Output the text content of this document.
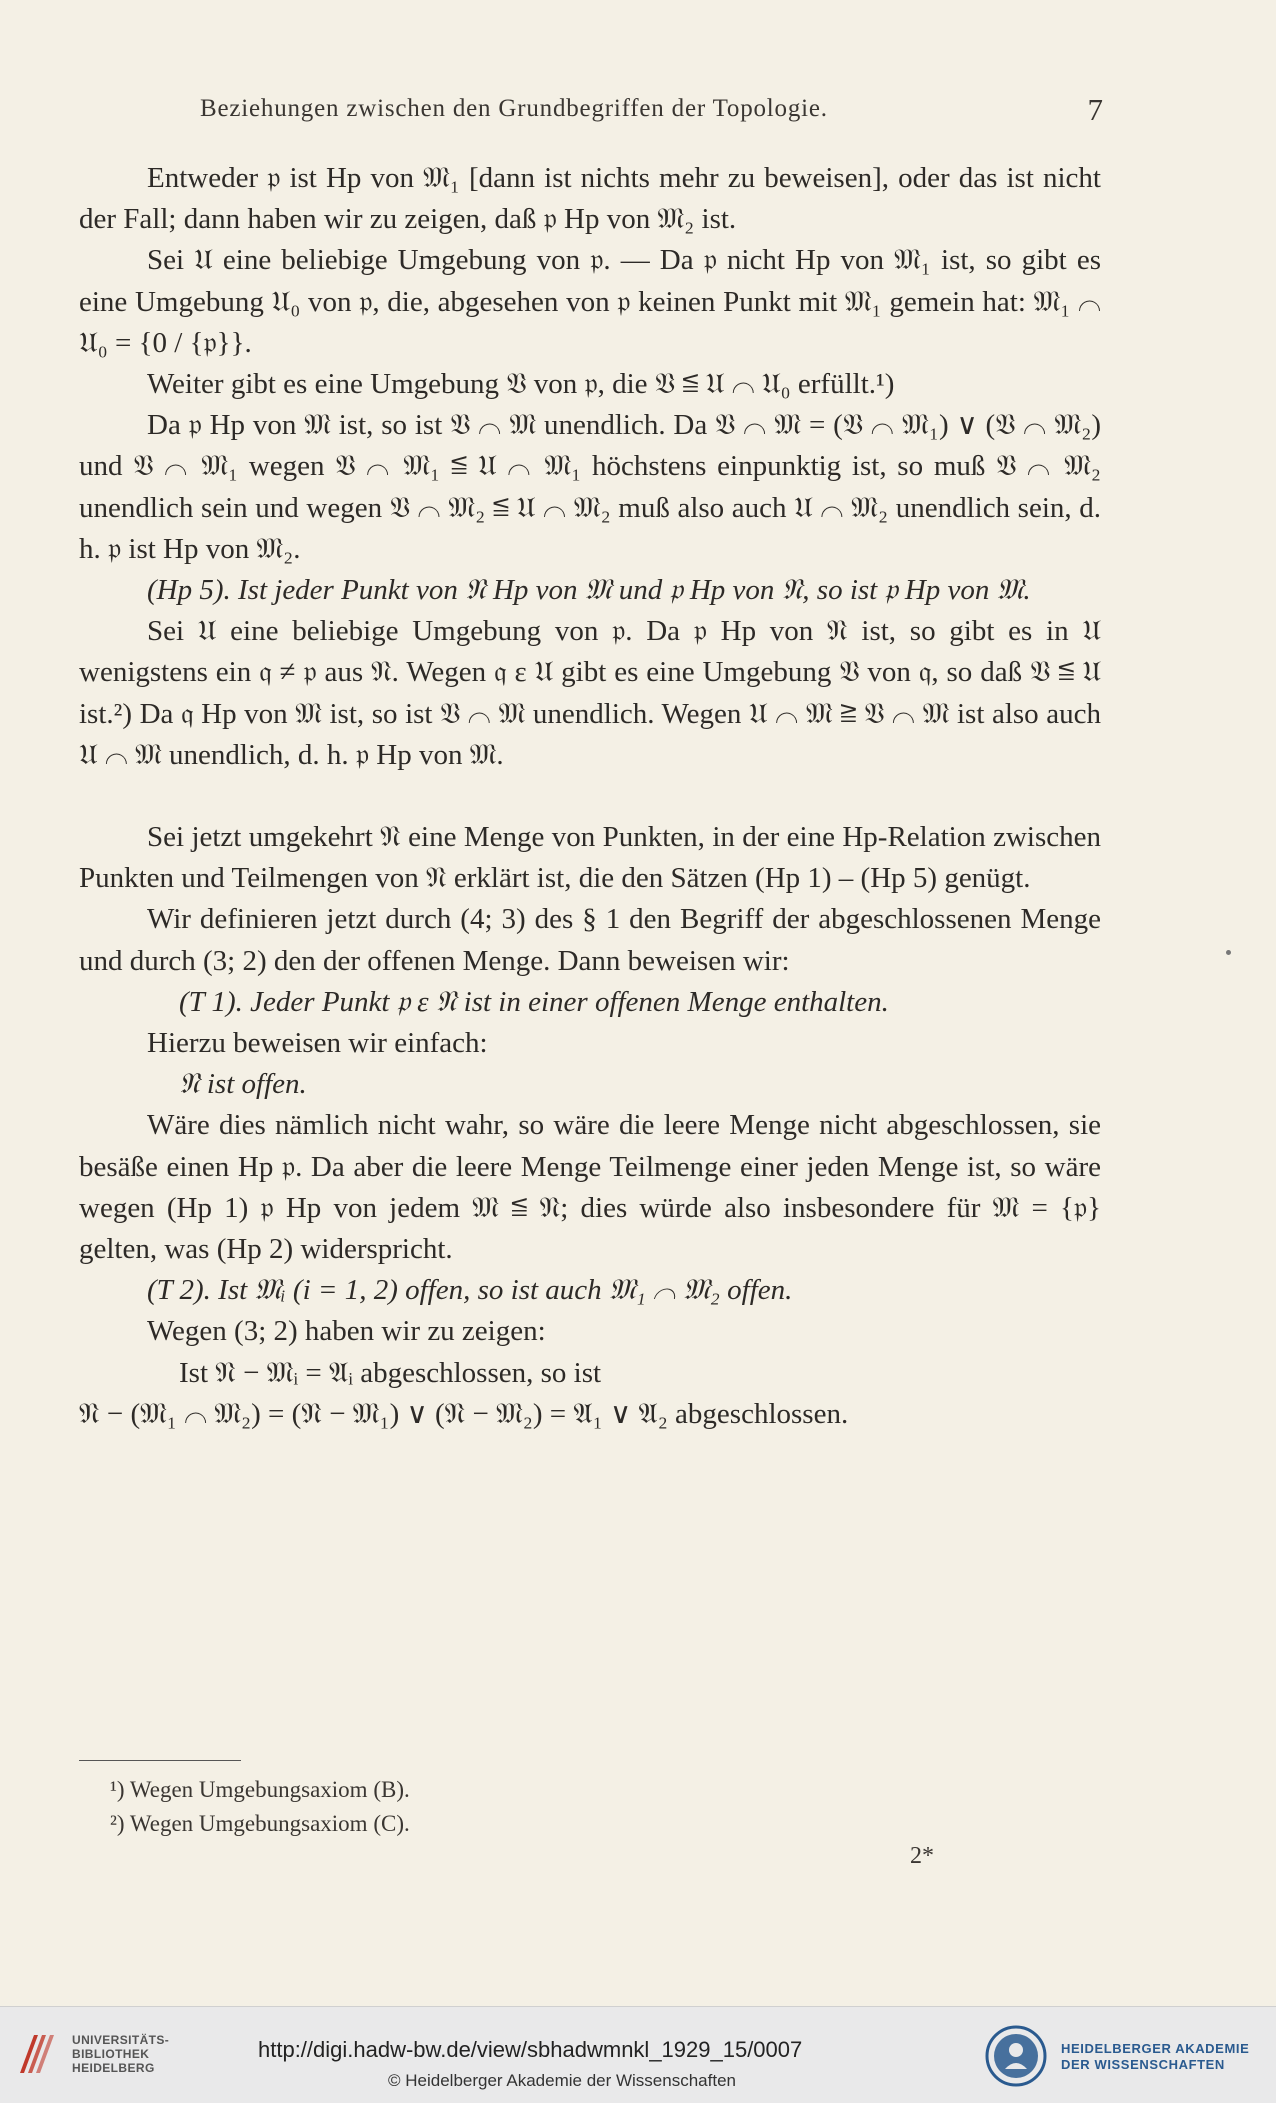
Beziehungen zwischen den Grundbegriffen der Topologie.	7

Entweder 𝔭 ist Hp von 𝔐₁ [dann ist nichts mehr zu beweisen], oder das ist nicht der Fall; dann haben wir zu zeigen, daß 𝔭 Hp von 𝔐₂ ist.

Sei 𝔘 eine beliebige Umgebung von 𝔭. — Da 𝔭 nicht Hp von 𝔐₁ ist, so gibt es eine Umgebung 𝔘₀ von 𝔭, die, abgesehen von 𝔭 keinen Punkt mit 𝔐₁ gemein hat: 𝔐₁ ⌒ 𝔘₀ = {0 / {𝔭}}.

Weiter gibt es eine Umgebung 𝔙 von 𝔭, die 𝔙 ≦ 𝔘 ⌒ 𝔘₀ erfüllt.¹)

Da 𝔭 Hp von 𝔐 ist, so ist 𝔙 ⌒ 𝔐 unendlich. Da 𝔙 ⌒ 𝔐 = (𝔙 ⌒ 𝔐₁) ∨ (𝔙 ⌒ 𝔐₂) und 𝔙 ⌒ 𝔐₁ wegen 𝔙 ⌒ 𝔐₁ ≦ 𝔘 ⌒ 𝔐₁ höchstens einpunktig ist, so muß 𝔙 ⌒ 𝔐₂ unendlich sein und wegen 𝔙 ⌒ 𝔐₂ ≦ 𝔘 ⌒ 𝔐₂ muß also auch 𝔘 ⌒ 𝔐₂ unendlich sein, d. h. 𝔭 ist Hp von 𝔐₂.

(Hp 5). Ist jeder Punkt von 𝔑 Hp von 𝔐 und 𝔭 Hp von 𝔑, so ist 𝔭 Hp von 𝔐.

Sei 𝔘 eine beliebige Umgebung von 𝔭. Da 𝔭 Hp von 𝔑 ist, so gibt es in 𝔘 wenigstens ein 𝔮 ≠ 𝔭 aus 𝔑. Wegen 𝔮 ε 𝔘 gibt es eine Umgebung 𝔙 von 𝔮, so daß 𝔙 ≦ 𝔘 ist.²) Da 𝔮 Hp von 𝔐 ist, so ist 𝔙 ⌒ 𝔐 unendlich. Wegen 𝔘 ⌒ 𝔐 ≧ 𝔙 ⌒ 𝔐 ist also auch 𝔘 ⌒ 𝔐 unendlich, d. h. 𝔭 Hp von 𝔐.

Sei jetzt umgekehrt 𝔑 eine Menge von Punkten, in der eine Hp-Relation zwischen Punkten und Teilmengen von 𝔑 erklärt ist, die den Sätzen (Hp 1) – (Hp 5) genügt.

Wir definieren jetzt durch (4; 3) des § 1 den Begriff der abgeschlossenen Menge und durch (3; 2) den der offenen Menge. Dann beweisen wir:

(T 1). Jeder Punkt 𝔭 ε 𝔑 ist in einer offenen Menge enthalten.

Hierzu beweisen wir einfach:

𝔑 ist offen.

Wäre dies nämlich nicht wahr, so wäre die leere Menge nicht abgeschlossen, sie besäße einen Hp 𝔭. Da aber die leere Menge Teilmenge einer jeden Menge ist, so wäre wegen (Hp 1) 𝔭 Hp von jedem 𝔐 ≦ 𝔑; dies würde also insbesondere für 𝔐 = {𝔭} gelten, was (Hp 2) widerspricht.

(T 2). Ist 𝔐ᵢ (i = 1, 2) offen, so ist auch 𝔐₁ ⌒ 𝔐₂ offen.

Wegen (3; 2) haben wir zu zeigen:

Ist 𝔑 − 𝔐ᵢ = 𝔄ᵢ abgeschlossen, so ist

𝔑 − (𝔐₁ ⌒ 𝔐₂) = (𝔑 − 𝔐₁) ∨ (𝔑 − 𝔐₂) = 𝔄₁ ∨ 𝔄₂ abgeschlossen.

¹) Wegen Umgebungsaxiom (B).
²) Wegen Umgebungsaxiom (C).
2*
UNIVERSITÄTS-
BIBLIOTHEK
HEIDELBERG
http://digi.hadw-bw.de/view/sbhadwmnkl_1929_15/0007
© Heidelberger Akademie der Wissenschaften
HEIDELBERGER AKADEMIE
DER WISSENSCHAFTEN
